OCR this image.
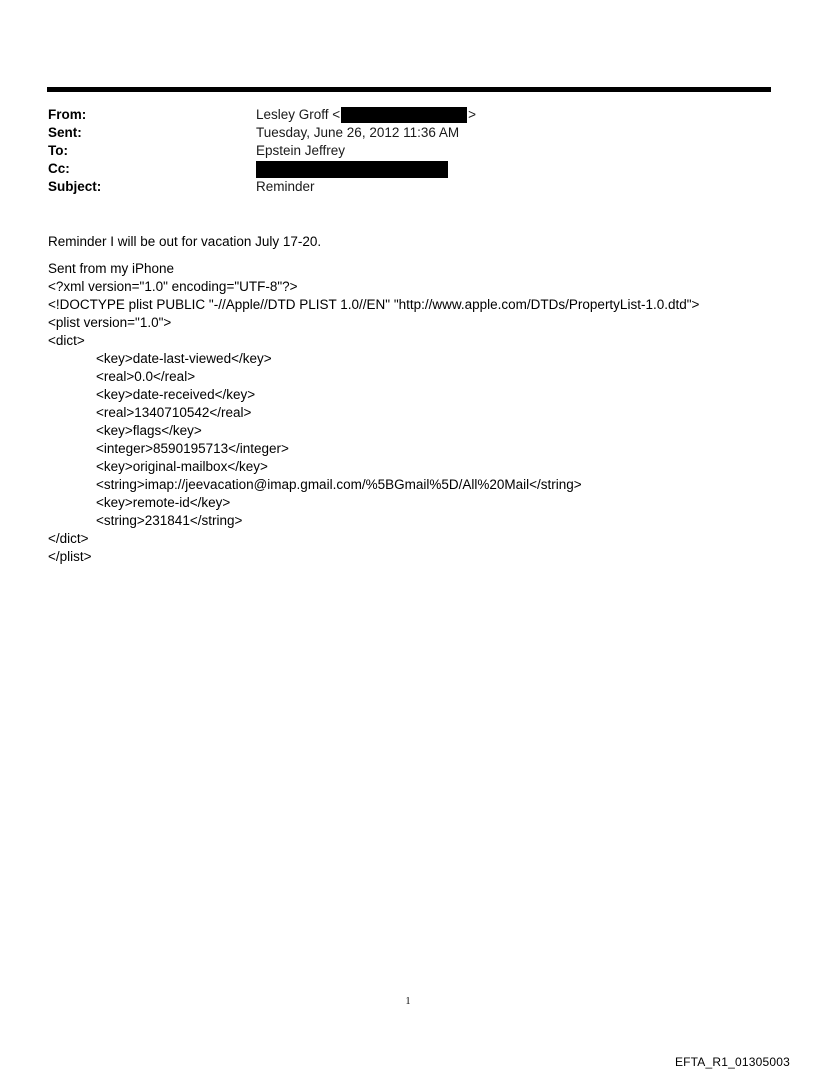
From:	Lesley Groff <	>
Sent:	Tuesday, June 26, 2012 11:36 AM
To:	Epstein Jeffrey
Cc:
Subject:	Reminder
Reminder I will be out for vacation July 17-20.
Sent from my iPhone
<?xml version="1.0" encoding="UTF-8"?>
<!DOCTYPE plist PUBLIC "-//Apple//DTD PLIST 1.0//EN" "http://www.apple.com/DTDs/PropertyList-1.0.dtd">
<plist version="1.0">
<dict>
<key>date-last-viewed</key>
<real>0.0</real>
<key>date-received</key>
<real>1340710542</real>
<key>flags</key>
<integer>8590195713</integer>
<key>original-mailbox</key>
<string>imap://jeevacation@imap.gmail.com/%5BGmail%5D/All%20Mail</string>
<key>remote-id</key>
<string>231841</string>
</dict>
</plist>
1
EFTA_R1_01305003
